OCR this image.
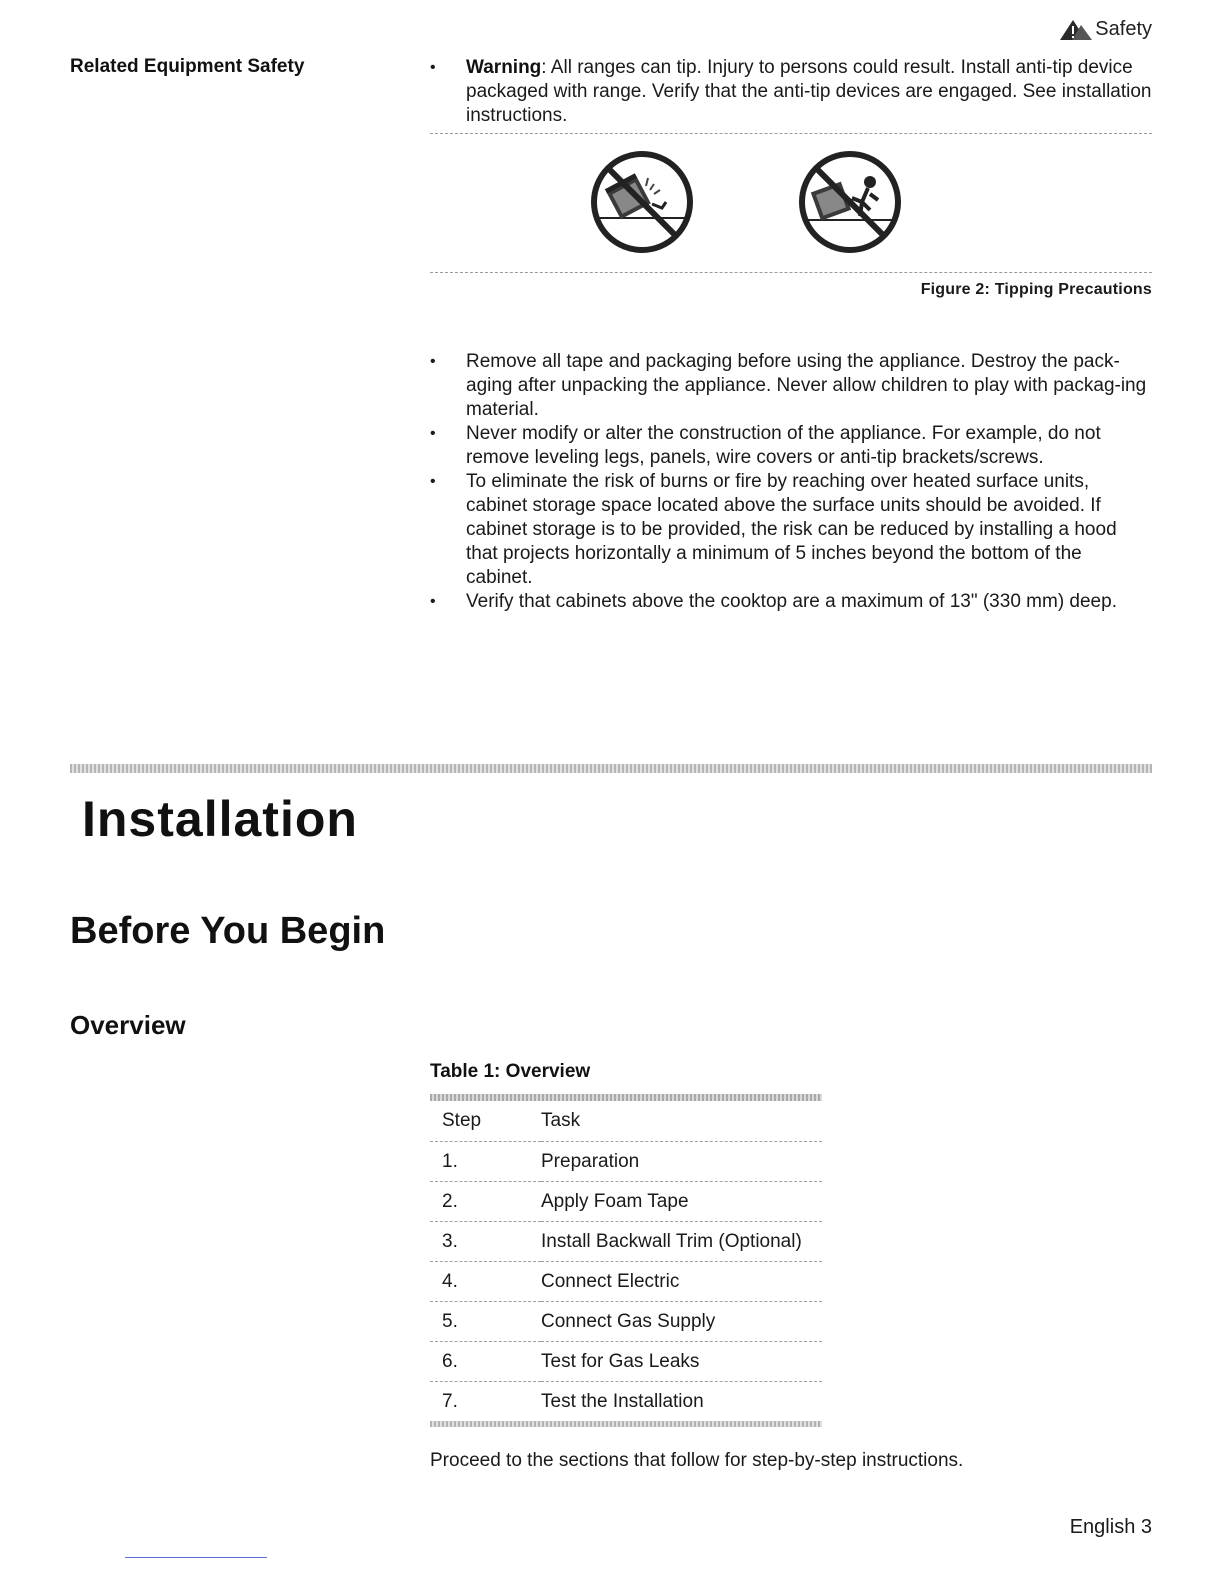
Safety
Related Equipment Safety	• Warning: All ranges can tip. Injury to persons could result. Install anti-tip device packaged with range. Verify that the anti-tip devices are engaged. See installation instructions.
Figure 2: Tipping Precautions
• Remove all tape and packaging before using the appliance. Destroy the pack-aging after unpacking the appliance. Never allow children to play with packag-ing material.
• Never modify or alter the construction of the appliance. For example, do not remove leveling legs, panels, wire covers or anti-tip brackets/screws.
• To eliminate the risk of burns or fire by reaching over heated surface units, cabinet storage space located above the surface units should be avoided. If cabinet storage is to be provided, the risk can be reduced by installing a hood that projects horizontally a minimum of 5 inches beyond the bottom of the cabinet.
• Verify that cabinets above the cooktop are a maximum of 13" (330 mm) deep.
Installation
Before You Begin
Overview
Table 1: Overview

Step	Task
1.	Preparation
2.	Apply Foam Tape
3.	Install Backwall Trim (Optional)
4.	Connect Electric
5.	Connect Gas Supply
6.	Test for Gas Leaks
7.	Test the Installation

Proceed to the sections that follow for step-by-step instructions.
English 3
